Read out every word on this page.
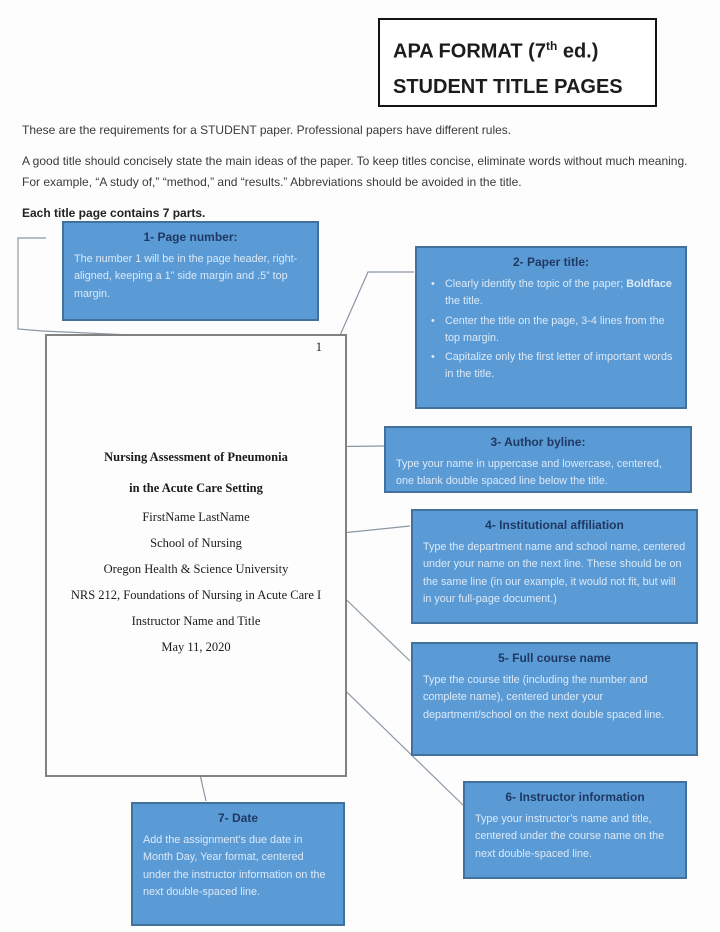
APA FORMAT (7th ed.)
STUDENT TITLE PAGES

These are the requirements for a STUDENT paper. Professional papers have different rules.

A good title should concisely state the main ideas of the paper. To keep titles concise, eliminate words without much meaning. For example, “A study of,” “method,” and “results.” Abbreviations should be avoided in the title.

Each title page contains 7 parts.

1
Nursing Assessment of Pneumonia
in the Acute Care Setting
FirstName LastName
School of Nursing
Oregon Health & Science University
NRS 212, Foundations of Nursing in Acute Care I
Instructor Name and Title
May 11, 2020
1- Page number:
The number 1 will be in the page header, right-aligned, keeping a 1” side margin and .5” top margin.
2- Paper title:
• Clearly identify the topic of the paper; Boldface the title.
• Center the title on the page, 3-4 lines from the top margin.
• Capitalize only the first letter of important words in the title.
3- Author byline:
Type your name in uppercase and lowercase, centered, one blank double spaced line below the title.
4- Institutional affiliation
Type the department name and school name, centered under your name on the next line. These should be on the same line (in our example, it would not fit, but will in your full-page document.)
5- Full course name
Type the course title (including the number and complete name), centered under your department/school on the next double spaced line.
6- Instructor information
Type your instructor’s name and title, centered under the course name on the next double-spaced line.
7- Date
Add the assignment’s due date in Month Day, Year format, centered under the instructor information on the next double-spaced line.
